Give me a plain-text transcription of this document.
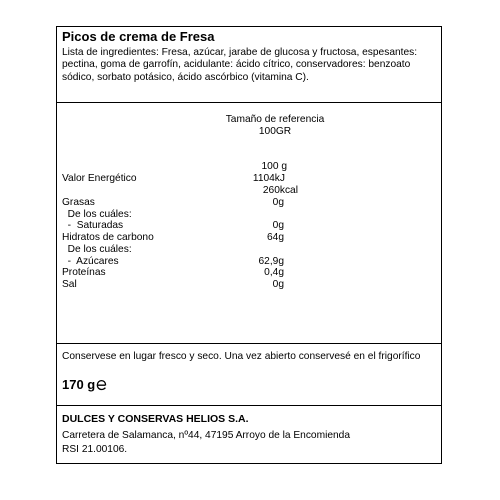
Picos de crema de Fresa
Lista de ingredientes: Fresa, azúcar, jarabe de glucosa y fructosa, espesantes: pectina, goma de garrofín, acidulante: ácido cítrico, conservadores: benzoato sódico, sorbato potásico, ácido ascórbico (vitamina C).
Tamaño de referencia
100GR
100 g
Valor Energético	1104kJ
260kcal
Grasas	0g
De los cuáles:
-  Saturadas	0g
Hidratos de carbono	64g
De los cuáles:
-  Azúcares	62,9g
Proteínas	0,4g
Sal	0g
Conservese en lugar fresco y seco. Una vez abierto conservesé en el frigorífico
170 g
DULCES Y CONSERVAS HELIOS S.A.
Carretera de Salamanca, nº44, 47195 Arroyo de la Encomienda
RSI 21.00106.
